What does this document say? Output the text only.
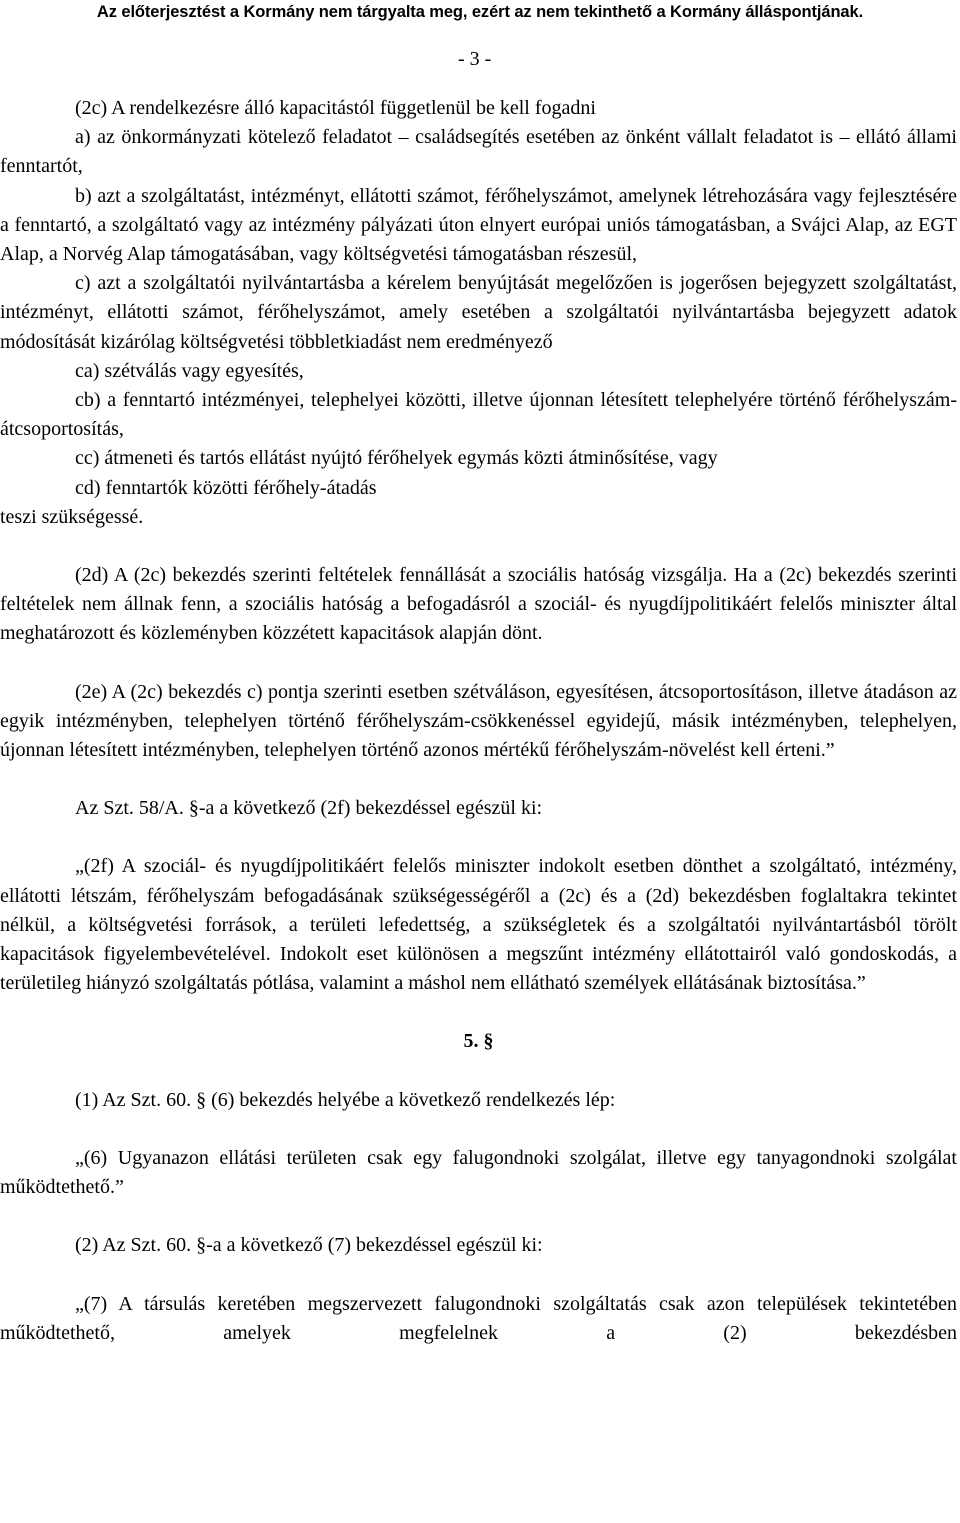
Az előterjesztést a Kormány nem tárgyalta meg, ezért az nem tekinthető a Kormány álláspontjának.
- 3 -

(2c) A rendelkezésre álló kapacitástól függetlenül be kell fogadni

a) az önkormányzati kötelező feladatot – családsegítés esetében az önként vállalt feladatot is – ellátó állami fenntartót,

b) azt a szolgáltatást, intézményt, ellátotti számot, férőhelyszámot, amelynek létrehozására vagy fejlesztésére a fenntartó, a szolgáltató vagy az intézmény pályázati úton elnyert európai uniós támogatásban, a Svájci Alap, az EGT Alap, a Norvég Alap támogatásában, vagy költségvetési támogatásban részesül,

c) azt a szolgáltatói nyilvántartásba a kérelem benyújtását megelőzően is jogerősen bejegyzett szolgáltatást, intézményt, ellátotti számot, férőhelyszámot, amely esetében a szolgáltatói nyilvántartásba bejegyzett adatok módosítását kizárólag költségvetési többletkiadást nem eredményező

ca) szétválás vagy egyesítés,

cb) a fenntartó intézményei, telephelyei közötti, illetve újonnan létesített telephelyére történő férőhelyszám-átcsoportosítás,

cc) átmeneti és tartós ellátást nyújtó férőhelyek egymás közti átminősítése, vagy

cd) fenntartók közötti férőhely-átadás

teszi szükségessé.

(2d) A (2c) bekezdés szerinti feltételek fennállását a szociális hatóság vizsgálja. Ha a (2c) bekezdés szerinti feltételek nem állnak fenn, a szociális hatóság a befogadásról a szociál- és nyugdíjpolitikáért felelős miniszter által meghatározott és közleményben közzétett kapacitások alapján dönt.

(2e) A (2c) bekezdés c) pontja szerinti esetben szétváláson, egyesítésen, átcsoportosításon, illetve átadáson az egyik intézményben, telephelyen történő férőhelyszám-csökkenéssel egyidejű, másik intézményben, telephelyen, újonnan létesített intézményben, telephelyen történő azonos mértékű férőhelyszám-növelést kell érteni.”

Az Szt. 58/A. §-a a következő (2f) bekezdéssel egészül ki:

„(2f) A szociál- és nyugdíjpolitikáért felelős miniszter indokolt esetben dönthet a szolgáltató, intézmény, ellátotti létszám, férőhelyszám befogadásának szükségességéről a (2c) és a (2d) bekezdésben foglaltakra tekintet nélkül, a költségvetési források, a területi lefedettség, a szükségletek és a szolgáltatói nyilvántartásból törölt kapacitások figyelembevételével. Indokolt eset különösen a megszűnt intézmény ellátottairól való gondoskodás, a területileg hiányzó szolgáltatás pótlása, valamint a máshol nem ellátható személyek ellátásának biztosítása.”

5. §

(1) Az Szt. 60. § (6) bekezdés helyébe a következő rendelkezés lép:

„(6) Ugyanazon ellátási területen csak egy falugondnoki szolgálat, illetve egy tanyagondnoki szolgálat működtethető.”

(2) Az Szt. 60. §-a a következő (7) bekezdéssel egészül ki:

„(7) A társulás keretében megszervezett falugondnoki szolgáltatás csak azon települések tekintetében működtethető, amelyek megfelelnek a (2) bekezdésben
